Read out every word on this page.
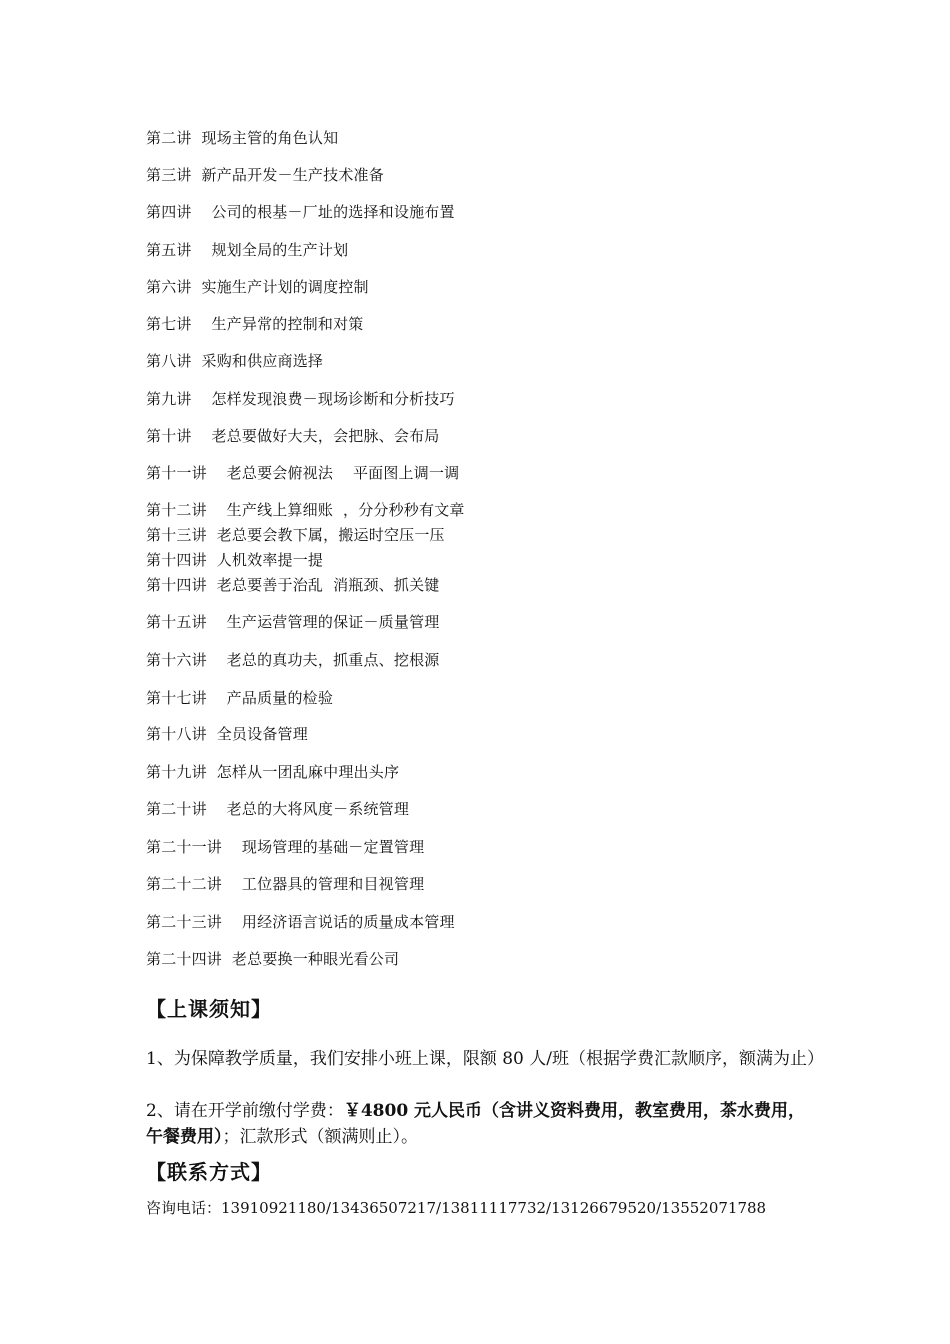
第二讲  现场主管的角色认知
第三讲  新产品开发－生产技术准备
第四讲    公司的根基－厂址的选择和设施布置
第五讲    规划全局的生产计划
第六讲  实施生产计划的调度控制
第七讲    生产异常的控制和对策
第八讲  采购和供应商选择
第九讲    怎样发现浪费－现场诊断和分析技巧
第十讲    老总要做好大夫，会把脉、会布局
第十一讲    老总要会俯视法    平面图上调一调
第十二讲    生产线上算细账  ，分分秒秒有文章
第十三讲  老总要会教下属，搬运时空压一压
第十四讲  人机效率提一提
第十四讲  老总要善于治乱  消瓶颈、抓关键
第十五讲    生产运营管理的保证－质量管理
第十六讲    老总的真功夫，抓重点、挖根源
第十七讲    产品质量的检验
第十八讲  全员设备管理
第十九讲  怎样从一团乱麻中理出头序
第二十讲    老总的大将风度－系统管理
第二十一讲    现场管理的基础－定置管理
第二十二讲    工位器具的管理和目视管理
第二十三讲    用经济语言说话的质量成本管理
第二十四讲  老总要换一种眼光看公司
【上课须知】
1、为保障教学质量，我们安排小班上课，限额 80 人/班（根据学费汇款顺序，额满为止）
2、请在开学前缴付学费：￥4800 元人民币（含讲义资料费用，教室费用，茶水费用，午餐费用）；汇款形式（额满则止）。
【联系方式】
咨询电话：13910921180/13436507217/13811117732/13126679520/13552071788
